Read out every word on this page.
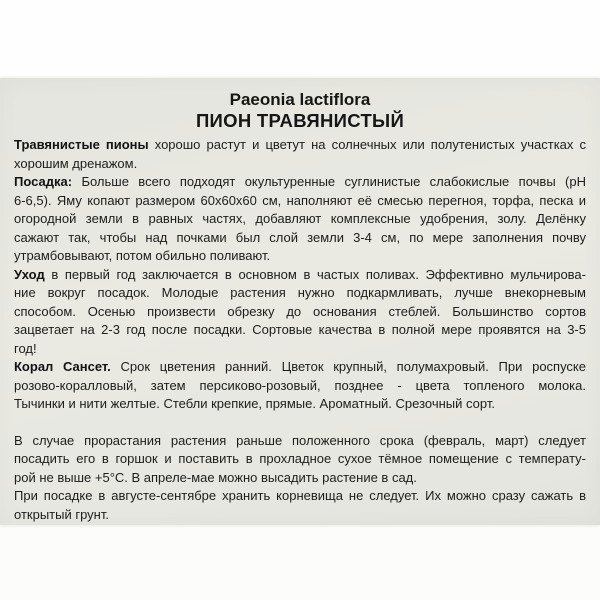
Paeonia lactiflora
ПИОН ТРАВЯНИСТЫЙ
Травянистые пионы хорошо растут и цветут на солнечных или полутенистых участках с
хорошим дренажом.
Посадка: Больше всего подходят окультуренные суглинистые слабокислые почвы (рН
6-6,5). Яму копают размером 60х60х60 см, наполняют её смесью перегноя, торфа, песка и
огородной земли в равных частях, добавляют комплексные удобрения, золу. Делёнку
сажают так, чтобы над почками был слой земли 3-4 см, по мере заполнения почву
утрамбовывают, потом обильно поливают.
Уход в первый год заключается в основном в частых поливах. Эффективно мульчирова-
ние вокруг посадок. Молодые растения нужно подкармливать, лучше внекорневым
способом. Осенью произвести обрезку до основания стеблей. Большинство сортов
зацветает на 2-3 год после посадки. Сортовые качества в полной мере проявятся на 3-5
год!
Корал Сансет. Срок цветения ранний. Цветок крупный, полумахровый. При роспуске
розово-коралловый, затем персиково-розовый, позднее - цвета топленого молока.
Тычинки и нити желтые. Стебли крепкие, прямые. Ароматный. Срезочный сорт.
В случае прорастания растения раньше положенного срока (февраль, март) следует
посадить его в горшок и поставить в прохладное сухое тёмное помещение с температу-
рой не выше +5°С. В апреле-мае можно высадить растение в сад.
При посадке в августе-сентябре хранить корневища не следует. Их можно сразу сажать в
открытый грунт.
